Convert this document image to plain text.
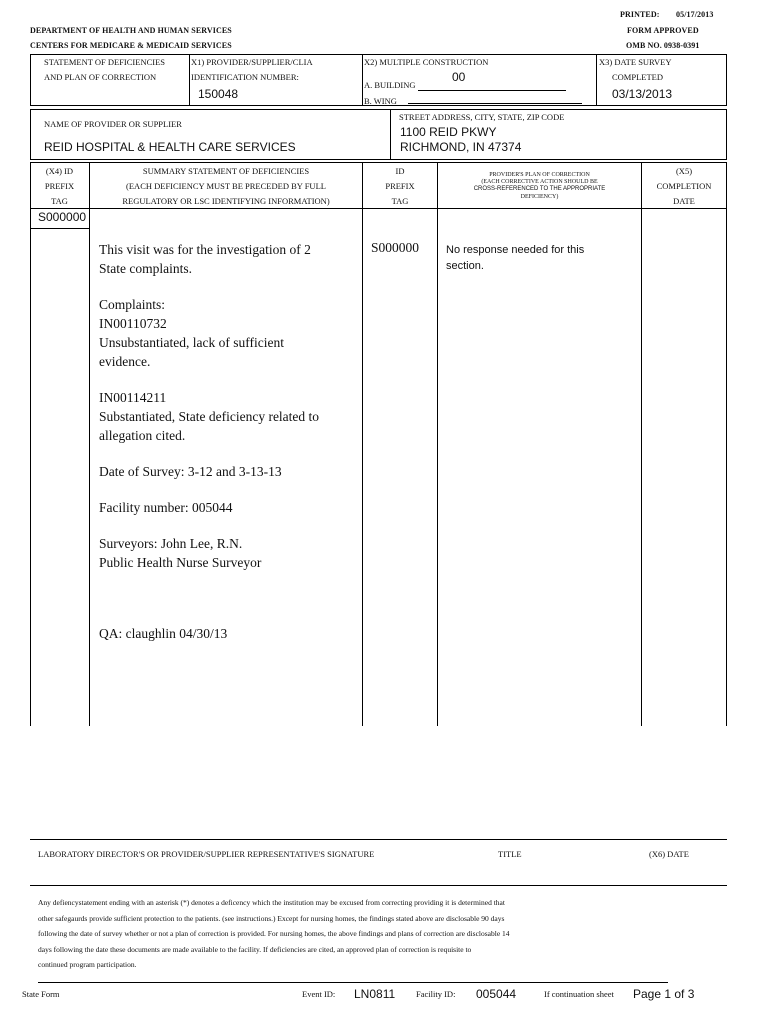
PRINTED: 05/17/2013
FORM APPROVED
OMB NO. 0938-0391
DEPARTMENT OF HEALTH AND HUMAN SERVICES
CENTERS FOR MEDICARE & MEDICAID SERVICES
STATEMENT OF DEFICIENCIES
AND PLAN OF CORRECTION
X1) PROVIDER/SUPPLIER/CLIA
IDENTIFICATION NUMBER:
150048
X2) MULTIPLE CONSTRUCTION
A. BUILDING
00
B. WING
X3) DATE SURVEY
COMPLETED
03/13/2013
NAME OF PROVIDER OR SUPPLIER
REID HOSPITAL & HEALTH CARE SERVICES
STREET ADDRESS, CITY, STATE, ZIP CODE
1100 REID PKWY
RICHMOND, IN 47374
(X4) ID
PREFIX
TAG
SUMMARY STATEMENT OF DEFICIENCIES
(EACH DEFICIENCY MUST BE PRECEDED BY FULL
REGULATORY OR LSC IDENTIFYING INFORMATION)
ID
PREFIX
TAG
PROVIDER'S PLAN OF CORRECTION
(EACH CORRECTIVE ACTION SHOULD BE
CROSS-REFERENCED TO THE APPROPRIATE
DEFICIENCY)
(X5)
COMPLETION
DATE
S000000
This visit was for the investigation of 2
State complaints.
Complaints:
IN00110732
Unsubstantiated, lack of sufficient
evidence.
IN00114211
Substantiated, State deficiency related to
allegation cited.
Date of Survey: 3-12 and 3-13-13
Facility number: 005044
Surveyors: John Lee, R.N.
Public Health Nurse Surveyor
QA: claughlin 04/30/13
S000000 No response needed for this
section.
LABORATORY DIRECTOR'S OR PROVIDER/SUPPLIER REPRESENTATIVE'S SIGNATURE	TITLE	(X6) DATE
Any defiencystatement ending with an asterisk (*) denotes a deficency which the institution may be excused from correcting providing it is determined that
other safegaurds provide sufficient protection to the patients. (see instructions.) Except for nursing homes, the findings stated above are disclosable 90 days
following the date of survey whether or not a plan of correction is provided. For nursing homes, the above findings and plans of correction are disclosable 14
days following the date these documents are made available to the facility. If deficiencies are cited, an approved plan of correction is requisite to
continued program participation.
State Form	Event ID: LN0811 Facility ID: 005044	If continuation sheet Page 1 of 3
